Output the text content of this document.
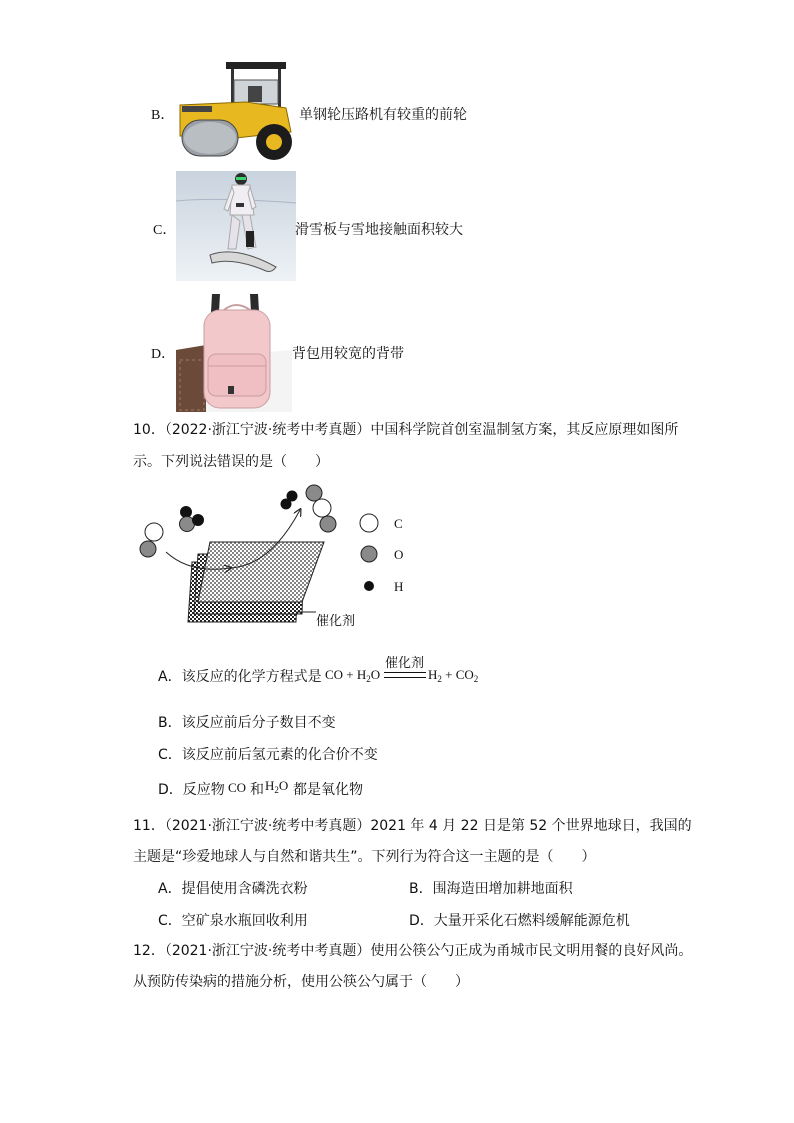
B．	单钢轮压路机有较重的前轮
C．	滑雪板与雪地接触面积较大
D．	背包用较宽的背带
10．（2022·浙江宁波·统考中考真题）中国科学院首创室温制氢方案，其反应原理如图所
示。下列说法错误的是（　　）
C
O
H
催化剂
A．该反应的化学方程式是 CO + $H_2O$
催化剂
$H_2 + CO_2$
B．该反应前后分子数目不变
C．该反应前后氢元素的化合价不变
D．反应物 CO 和 $H_2O$ 都是氧化物
11．（2021·浙江宁波·统考中考真题）2021 年 4 月 22 日是第 52 个世界地球日，我国的
主题是“珍爱地球人与自然和谐共生”。下列行为符合这一主题的是（　　）
A．提倡使用含磷洗衣粉	B．围海造田增加耕地面积
C．空矿泉水瓶回收利用	D．大量开采化石燃料缓解能源危机
12．（2021·浙江宁波·统考中考真题）使用公筷公勺正成为甬城市民文明用餐的良好风尚。
从预防传染病的措施分析，使用公筷公勺属于（　　）
